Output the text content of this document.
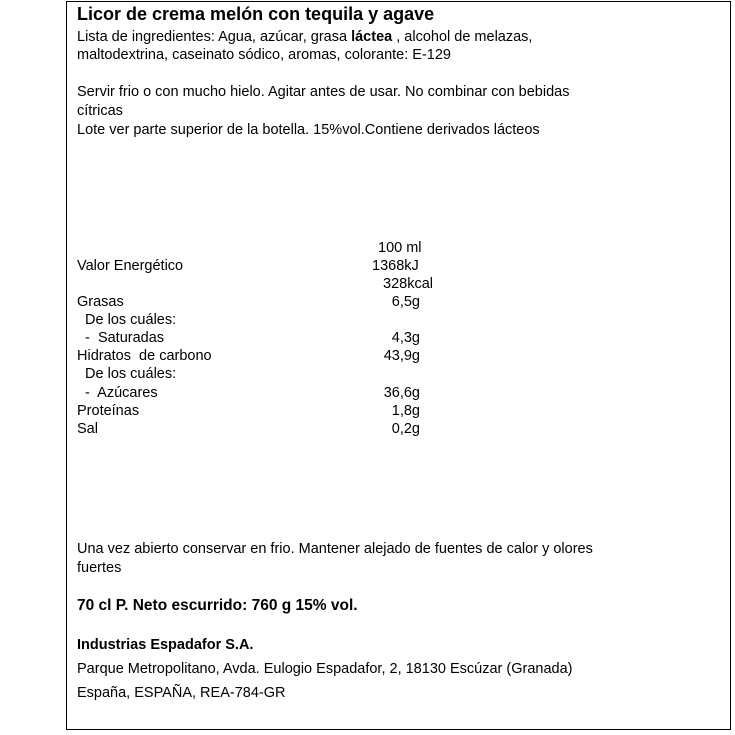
Licor de crema melón con tequila y agave
Lista de ingredientes: Agua, azúcar, grasa láctea , alcohol de melazas,
maltodextrina, caseinato sódico, aromas, colorante: E-129
Servir frio o con mucho hielo. Agitar antes de usar. No combinar con bebidas
cítricas
Lote ver parte superior de la botella. 15%vol.Contiene derivados lácteos
100 ml
Valor Energético	1368kJ
328kcal
Grasas	6,5g
De los cuáles:
-  Saturadas	4,3g
Hidratos  de carbono	43,9g
De los cuáles:
-  Azúcares	36,6g
Proteínas	1,8g
Sal	0,2g
Una vez abierto conservar en frio. Mantener alejado de fuentes de calor y olores
fuertes
70 cl P. Neto escurrido: 760 g 15% vol.
Industrias Espadafor S.A.
Parque Metropolitano, Avda. Eulogio Espadafor, 2, 18130 Escúzar (Granada)
España, ESPAÑA, REA-784-GR
